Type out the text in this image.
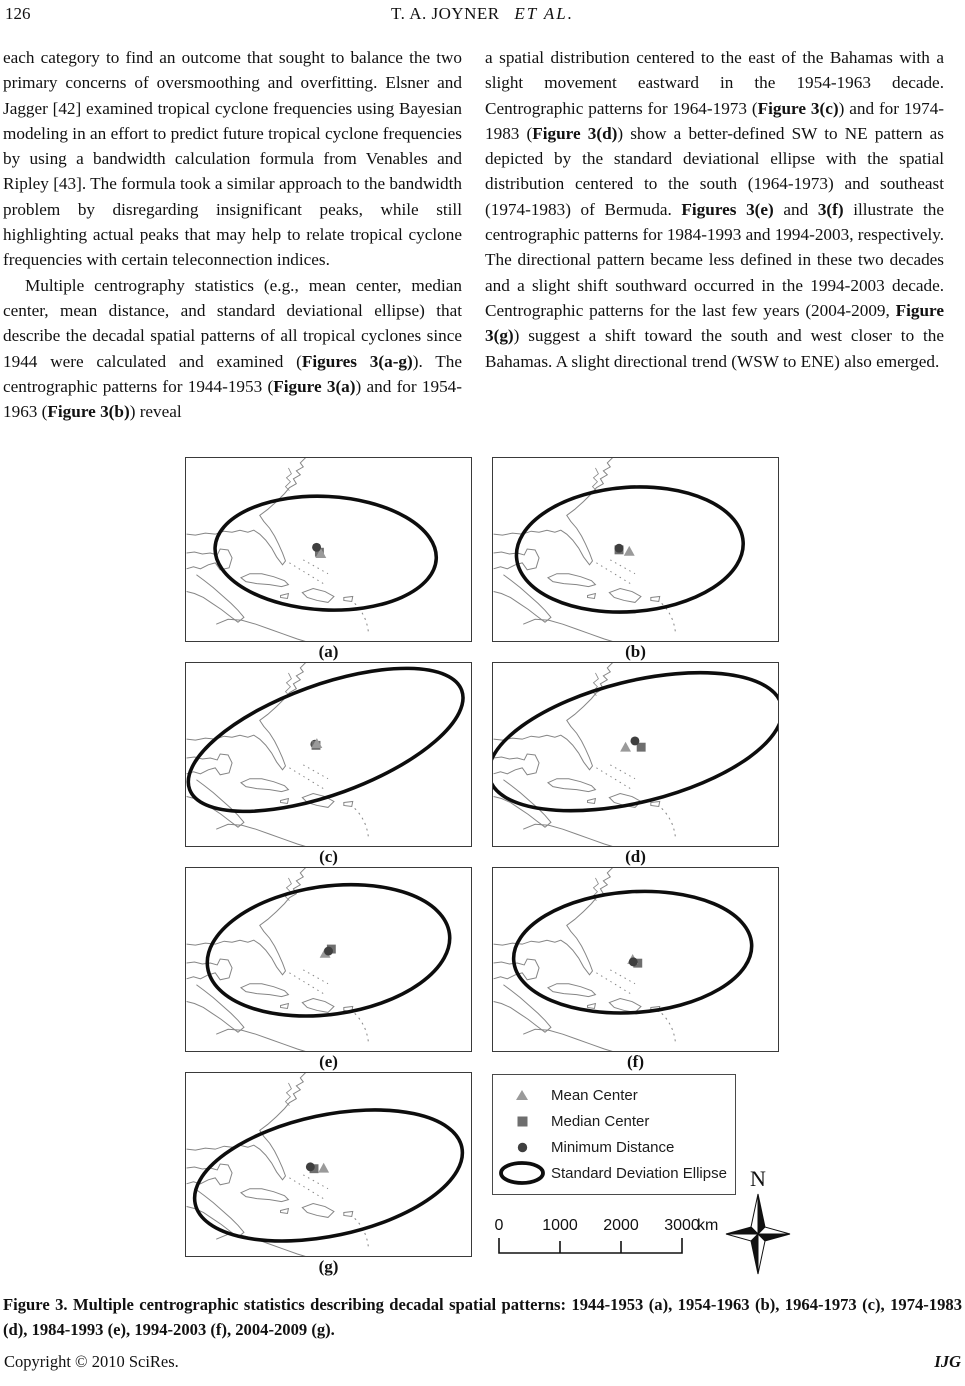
126	T. A. JOYNER ET AL.

each category to find an outcome that sought to balance the two primary concerns of oversmoothing and overfitting. Elsner and Jagger [42] examined tropical cyclone frequencies using Bayesian modeling in an effort to predict future tropical cyclone frequencies by using a bandwidth calculation formula from Venables and Ripley [43]. The formula took a similar approach to the bandwidth problem by disregarding insignificant peaks, while still highlighting actual peaks that may help to relate tropical cyclone frequencies with certain teleconnection indices.

Multiple centrography statistics (e.g., mean center, median center, mean distance, and standard deviational ellipse) that describe the decadal spatial patterns of all tropical cyclones since 1944 were calculated and examined (Figures 3(a-g)). The centrographic patterns for 1944-1953 (Figure 3(a)) and for 1954-1963 (Figure 3(b)) reveal

a spatial distribution centered to the east of the Bahamas with a slight movement eastward in the 1954-1963 decade. Centrographic patterns for 1964-1973 (Figure 3(c)) and for 1974-1983 (Figure 3(d)) show a better-defined SW to NE pattern as depicted by the standard deviational ellipse with the spatial distribution centered to the south (1964-1973) and southeast (1974-1983) of Bermuda. Figures 3(e) and 3(f) illustrate the centrographic patterns for 1984-1993 and 1994-2003, respectively. The directional pattern became less defined in these two decades and a slight shift southward occurred in the 1994-2003 decade. Centrographic patterns for the last few years (2004-2009, Figure 3(g)) suggest a shift toward the south and west closer to the Bahamas. A slight directional trend (WSW to ENE) also emerged.

(a)	(b)
(c)	(d)
(e)	(f)
(g)
Mean Center
Median Center
Minimum Distance
Standard Deviation Ellipse
0 1000 2000 3000
km
N

Figure 3. Multiple centrographic statistics describing decadal spatial patterns: 1944-1953 (a), 1954-1963 (b), 1964-1973 (c), 1974-1983 (d), 1984-1993 (e), 1994-2003 (f), 2004-2009 (g).

Copyright © 2010 SciRes.	IJG
